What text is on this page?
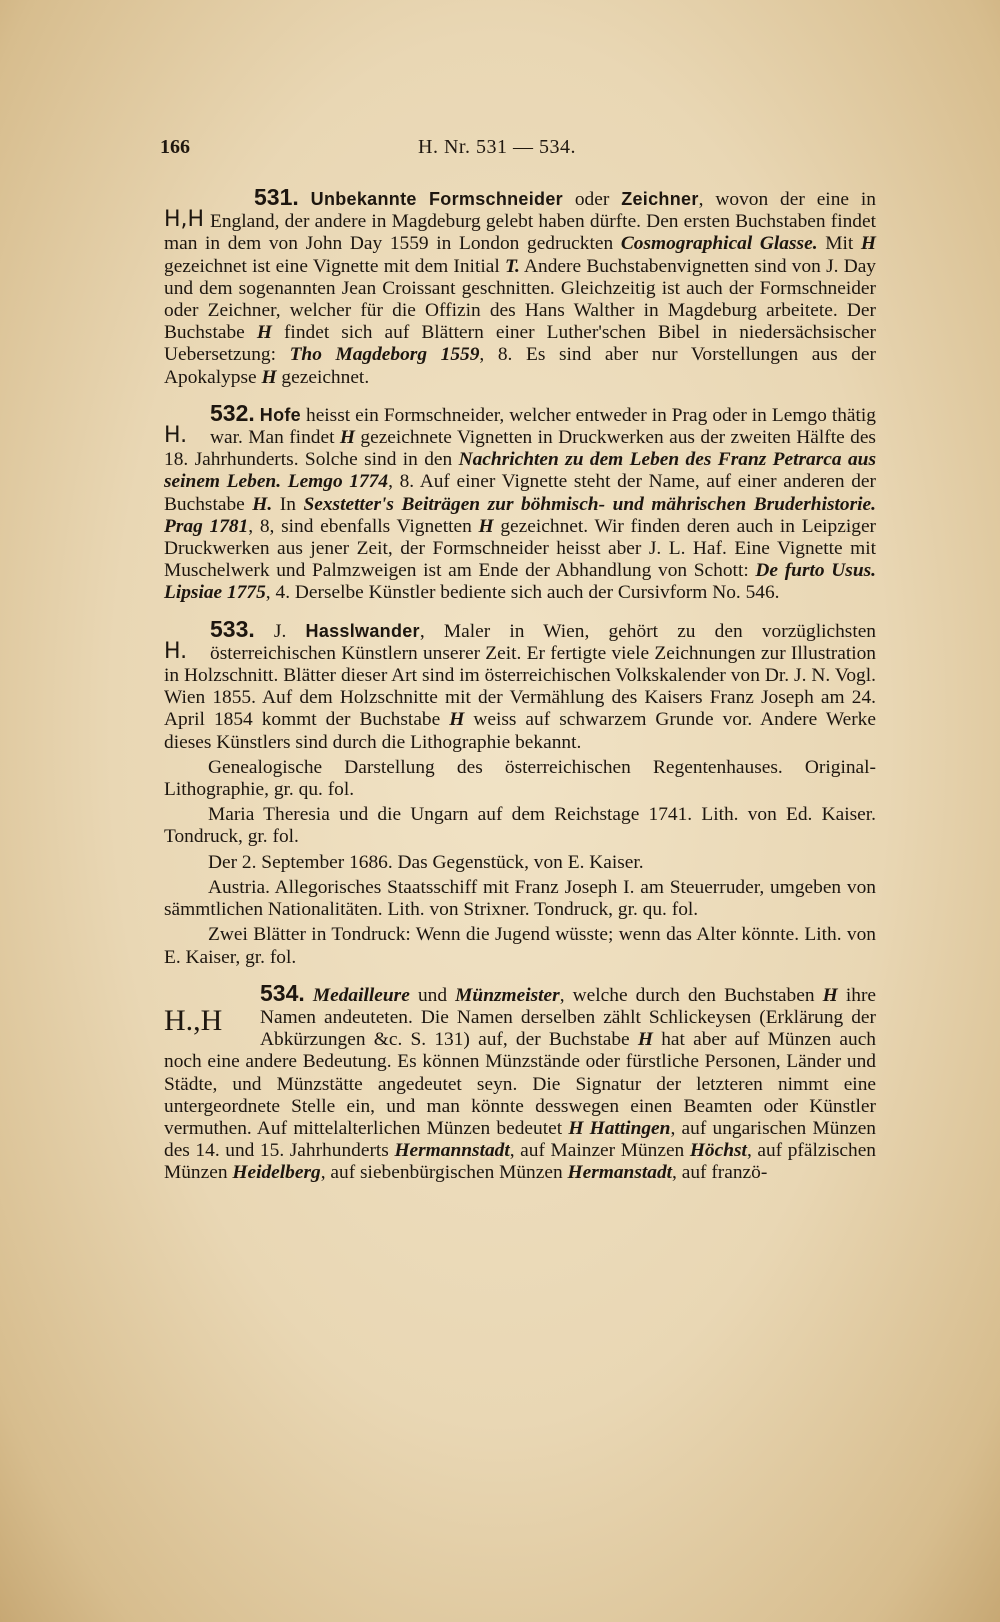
166	H. Nr. 531 — 534.
H,H

531. Unbekannte Formschneider oder Zeichner, wovon der eine in England, der andere in Magdeburg gelebt haben dürfte. Den ersten Buchstaben findet man in dem von John Day 1559 in London gedruckten Cosmographical Glasse. Mit H gezeichnet ist eine Vignette mit dem Initial T. Andere Buchstabenvignetten sind von J. Day und dem sogenannten Jean Croissant geschnitten. Gleichzeitig ist auch der Formschneider oder Zeichner, welcher für die Offizin des Hans Walther in Magdeburg arbeitete. Der Buchstabe H findet sich auf Blättern einer Luther'schen Bibel in niedersächsischer Uebersetzung: Tho Magdeborg 1559, 8. Es sind aber nur Vorstellungen aus der Apokalypse H gezeichnet.

H.

532. Hofe heisst ein Formschneider, welcher entweder in Prag oder in Lemgo thätig war. Man findet H gezeichnete Vignetten in Druckwerken aus der zweiten Hälfte des 18. Jahrhunderts. Solche sind in den Nachrichten zu dem Leben des Franz Petrarca aus seinem Leben. Lemgo 1774, 8. Auf einer Vignette steht der Name, auf einer anderen der Buchstabe H. In Sexstetter's Beiträgen zur böhmisch- und mährischen Bruderhistorie. Prag 1781, 8, sind ebenfalls Vignetten H gezeichnet. Wir finden deren auch in Leipziger Druckwerken aus jener Zeit, der Formschneider heisst aber J. L. Haf. Eine Vignette mit Muschelwerk und Palmzweigen ist am Ende der Abhandlung von Schott: De furto Usus. Lipsiae 1775, 4. Derselbe Künstler bediente sich auch der Cursivform No. 546.

H.

533. J. Hasslwander, Maler in Wien, gehört zu den vorzüglichsten österreichischen Künstlern unserer Zeit. Er fertigte viele Zeichnungen zur Illustration in Holzschnitt. Blätter dieser Art sind im österreichischen Volkskalender von Dr. J. N. Vogl. Wien 1855. Auf dem Holzschnitte mit der Vermählung des Kaisers Franz Joseph am 24. April 1854 kommt der Buchstabe H weiss auf schwarzem Grunde vor. Andere Werke dieses Künstlers sind durch die Lithographie bekannt.

Genealogische Darstellung des österreichischen Regentenhauses. Original-Lithographie, gr. qu. fol.

Maria Theresia und die Ungarn auf dem Reichstage 1741. Lith. von Ed. Kaiser. Tondruck, gr. fol.

Der 2. September 1686. Das Gegenstück, von E. Kaiser.

Austria. Allegorisches Staatsschiff mit Franz Joseph I. am Steuerruder, umgeben von sämmtlichen Nationalitäten. Lith. von Strixner. Tondruck, gr. qu. fol.

Zwei Blätter in Tondruck: Wenn die Jugend wüsste; wenn das Alter könnte. Lith. von E. Kaiser, gr. fol.

H.,H

534. Medailleure und Münzmeister, welche durch den Buchstaben H ihre Namen andeuteten. Die Namen derselben zählt Schlickeysen (Erklärung der Abkürzungen &c. S. 131) auf, der Buchstabe H hat aber auf Münzen auch noch eine andere Bedeutung. Es können Münzstände oder fürstliche Personen, Länder und Städte, und Münzstätte angedeutet seyn. Die Signatur der letzteren nimmt eine untergeordnete Stelle ein, und man könnte desswegen einen Beamten oder Künstler vermuthen. Auf mittelalterlichen Münzen bedeutet H Hattingen, auf ungarischen Münzen des 14. und 15. Jahrhunderts Hermannstadt, auf Mainzer Münzen Höchst, auf pfälzischen Münzen Heidelberg, auf siebenbürgischen Münzen Hermanstadt, auf franzö-
